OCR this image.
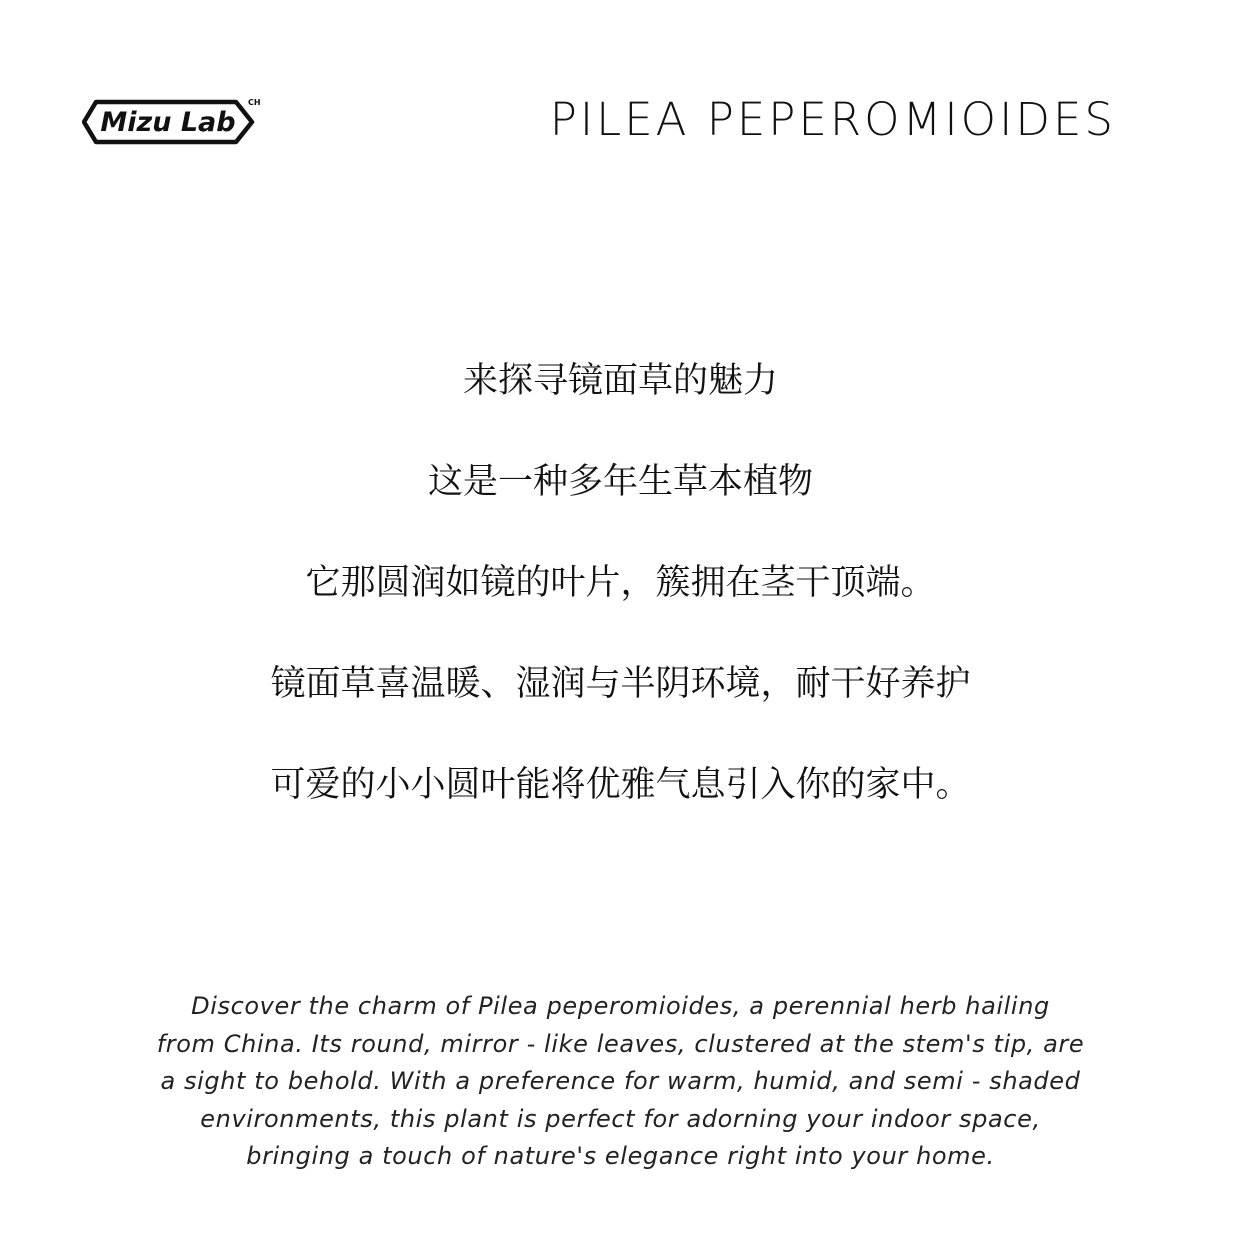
Mizu Lab
CH	PILEA PEPEROMIOIDES
来探寻镜面草的魅力
这是一种多年生草本植物
它那圆润如镜的叶片，簇拥在茎干顶端。
镜面草喜温暖、湿润与半阴环境，耐干好养护
可爱的小小圆叶能将优雅气息引入你的家中。
Discover the charm of Pilea peperomioides, a perennial herb hailing
from China. Its round, mirror - like leaves, clustered at the stem's tip, are
a sight to behold. With a preference for warm, humid, and semi - shaded
environments, this plant is perfect for adorning your indoor space,
bringing a touch of nature's elegance right into your home.
